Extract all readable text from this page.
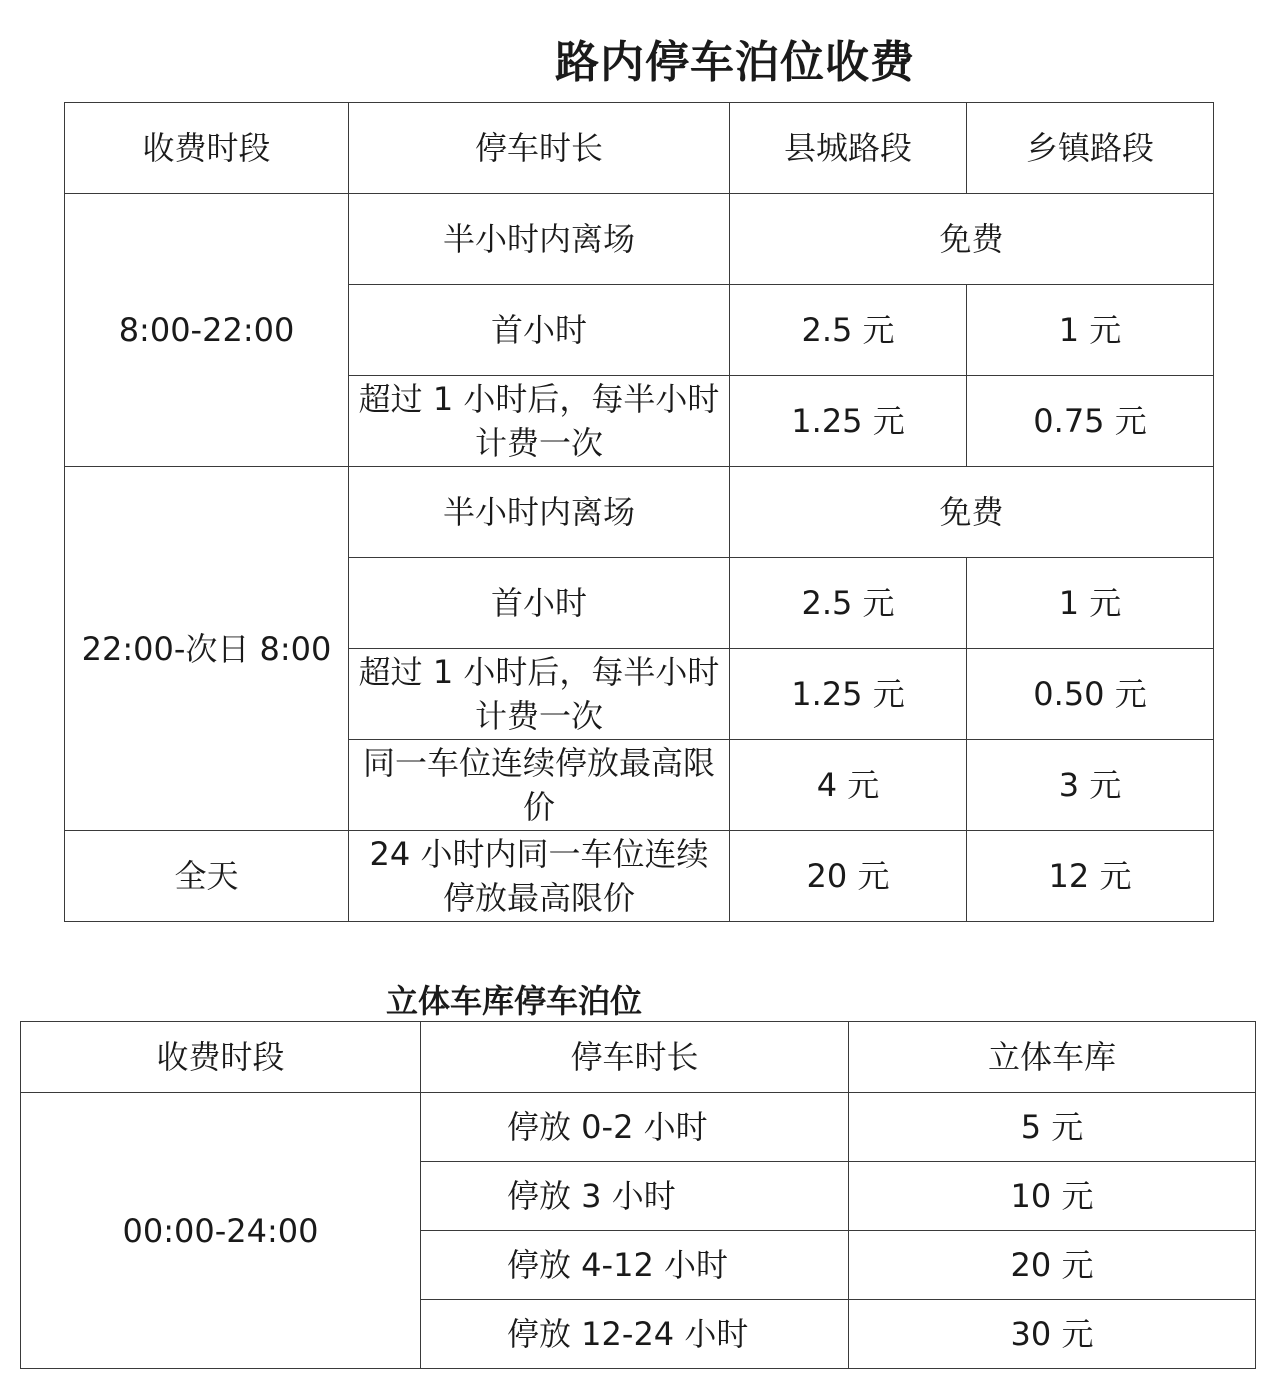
路内停车泊位收费
收费时段	停车时长	县城路段	乡镇路段
8:00-22:00	半小时内离场	免费	
	首小时	2.5 元	1 元
	超过 1 小时后，每半小时计费一次	1.25 元	0.75 元
22:00-次日 8:00	半小时内离场	免费	
	首小时	2.5 元	1 元
	超过 1 小时后，每半小时计费一次	1.25 元	0.50 元
	同一车位连续停放最高限价	4 元	3 元
全天	24 小时内同一车位连续停放最高限价	20 元	12 元
立体车库停车泊位
收费时段	停车时长	立体车库
00:00-24:00	停放 0-2 小时	5 元
	停放 3 小时	10 元
	停放 4-12 小时	20 元
	停放 12-24 小时	30 元
